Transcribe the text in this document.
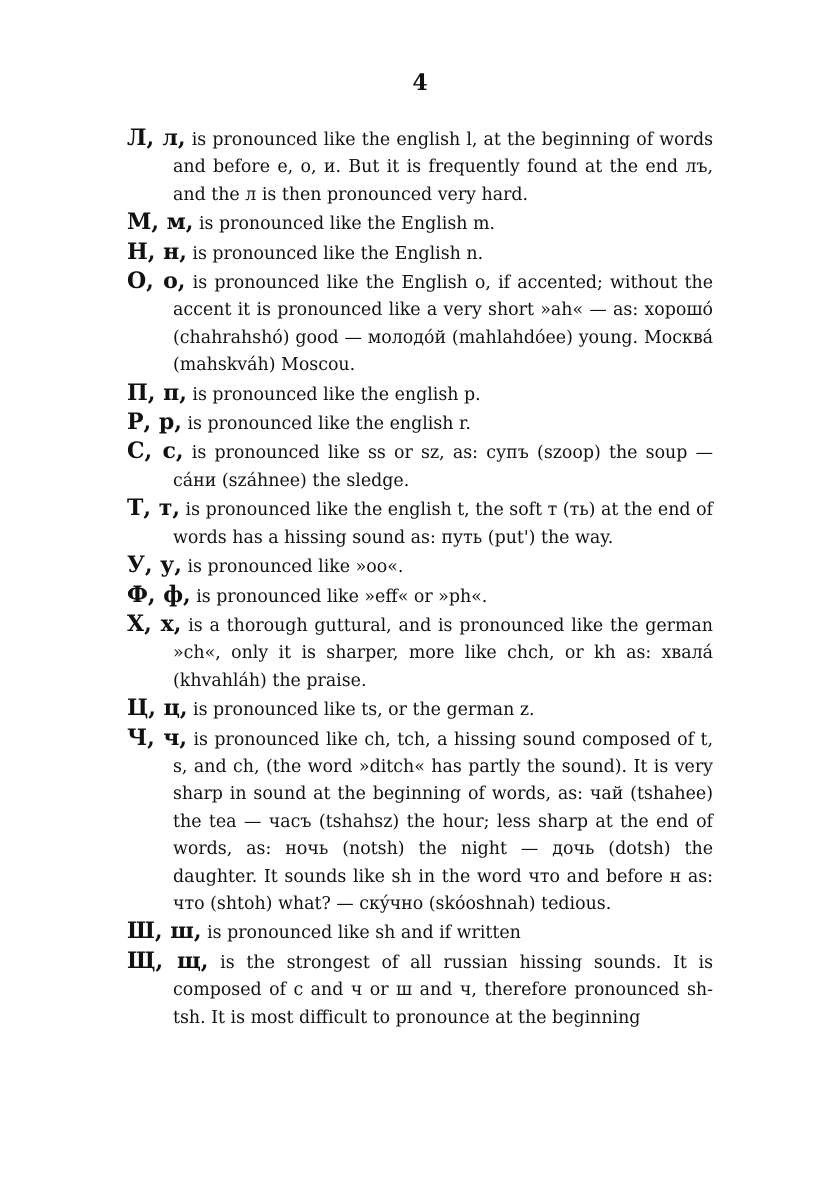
4

Л, л, is pronounced like the english l, at the beginning of words and before е, о, и. But it is frequently found at the end лъ, and the л is then pronounced very hard.

М, м, is pronounced like the English m.

Н, н, is pronounced like the English n.

О, о, is pronounced like the English o, if accented; without the accent it is pronounced like a very short »ah« — as: хорошó (chahrahshó) good — молодóй (mahlahdóee) young. Москвá (mahskváh) Moscou.

П, п, is pronounced like the english p.

Р, р, is pronounced like the english r.

С, с, is pronounced like ss or sz, as: супъ (szoop) the soup — сáни (száhnee) the sledge.

Т, т, is pronounced like the english t, the soft т (ть) at the end of words has a hissing sound as: путь (put') the way.

У, у, is pronounced like »oo«.

Ф, ф, is pronounced like »eff« or »ph«.

Х, х, is a thorough guttural, and is pronounced like the german »ch«, only it is sharper, more like chch, or kh as: хвалá (khvahláh) the praise.

Ц, ц, is pronounced like ts, or the german z.

Ч, ч, is pronounced like ch, tch, a hissing sound composed of t, s, and ch, (the word »ditch« has partly the sound). It is very sharp in sound at the beginning of words, as: чай (tshahee) the tea — часъ (tshahsz) the hour; less sharp at the end of words, as: ночь (notsh) the night — дочь (dotsh) the daughter. It sounds like sh in the word что and before н as: что (shtoh) what? — скýчно (skóoshnah) tedious.

Ш, ш, is pronounced like sh and if written

Щ, щ, is the strongest of all russian hissing sounds. It is composed of с and ч or ш and ч, therefore pronounced sh-tsh. It is most difficult to pronounce at the beginning
